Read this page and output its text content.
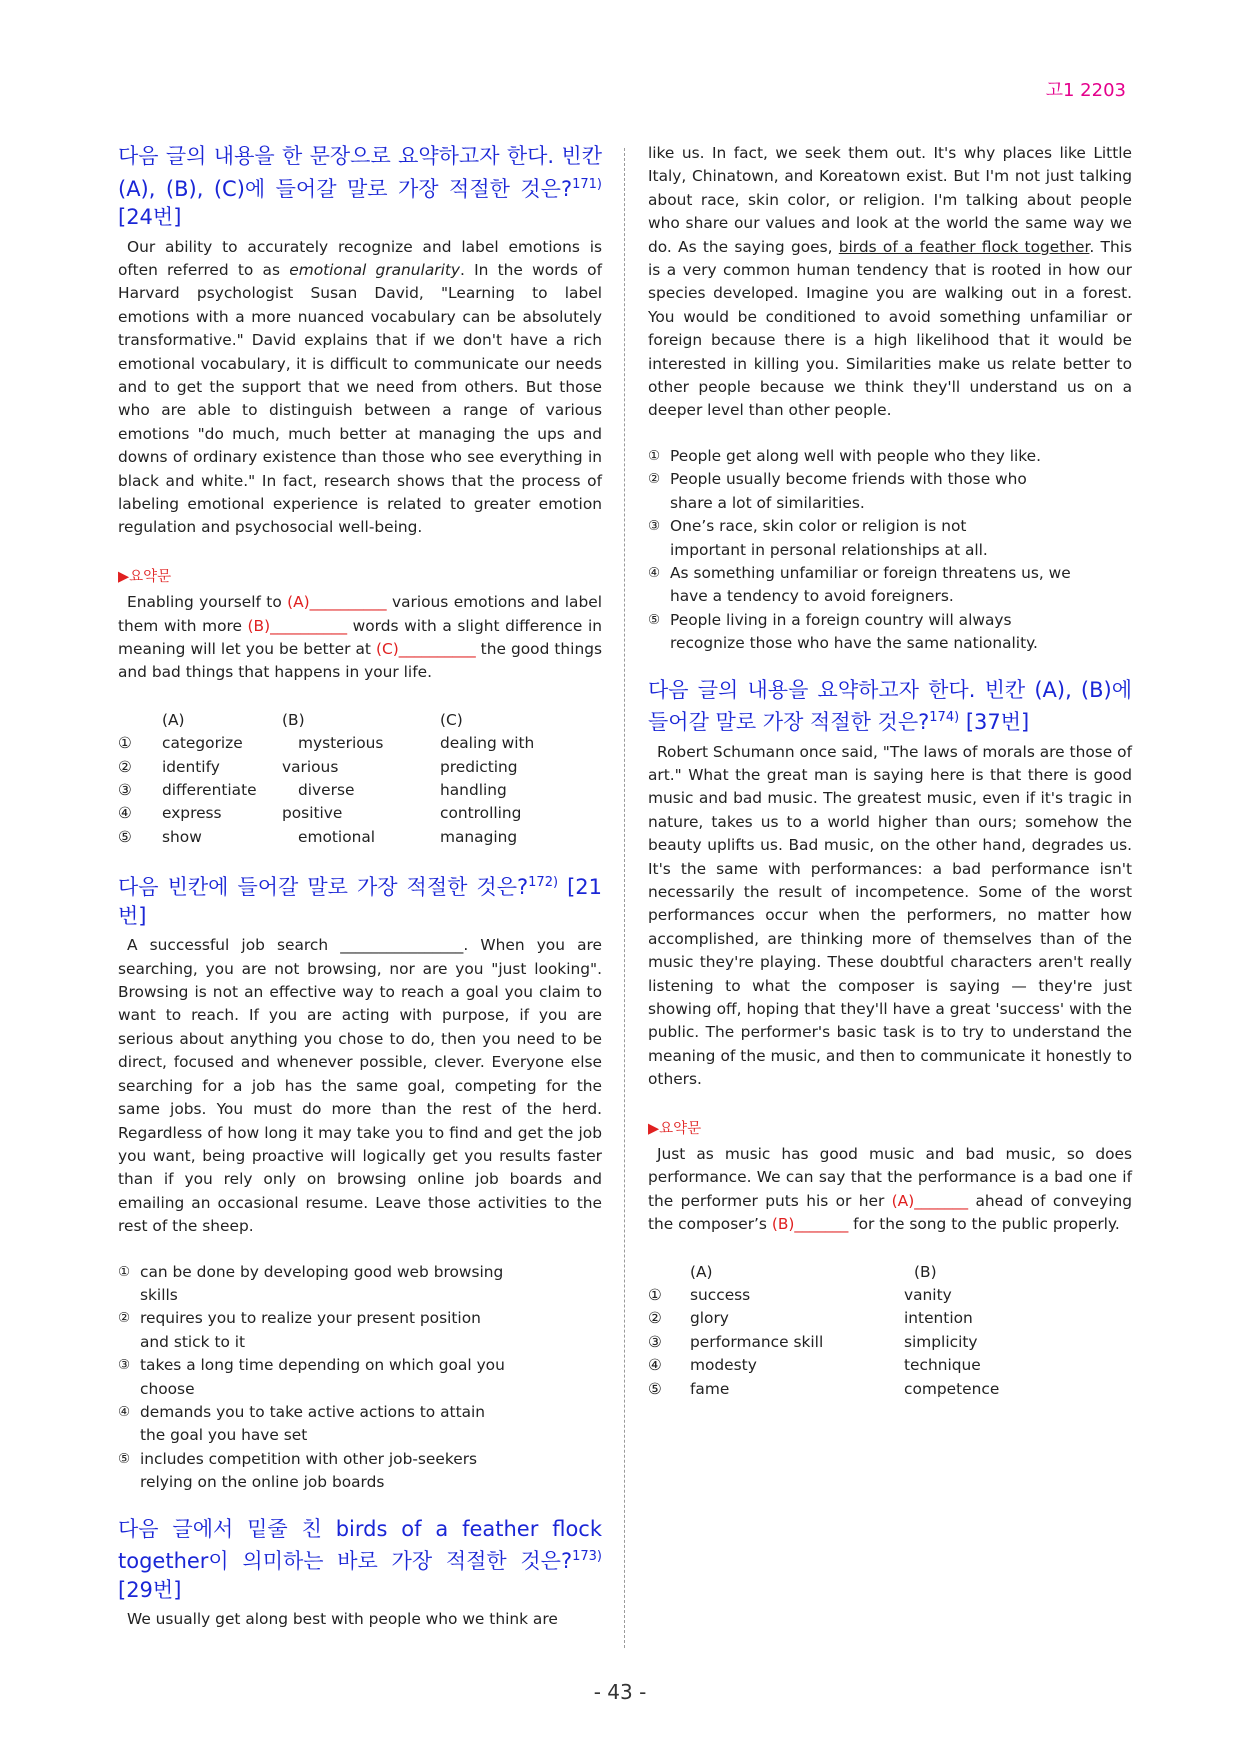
고1 2203
다음 글의 내용을 한 문장으로 요약하고자 한다. 빈칸 (A), (B), (C)에 들어갈 말로 가장 적절한 것은?$^{171)}$ [24번]

Our ability to accurately recognize and label emotions is often referred to as emotional granularity. In the words of Harvard psychologist Susan David, "Learning to label emotions with a more nuanced vocabulary can be absolutely transformative." David explains that if we don't have a rich emotional vocabulary, it is difficult to communicate our needs and to get the support that we need from others. But those who are able to distinguish between a range of various emotions "do much, much better at managing the ups and downs of ordinary existence than those who see everything in black and white." In fact, research shows that the process of labeling emotional experience is related to greater emotion regulation and psychosocial well-being.

▶요약문

Enabling yourself to (A)__________ various emotions and label them with more (B)__________ words with a slight difference in meaning will let you be better at (C)__________ the good things and bad things that happens in your life.

	(A)	(B)	(C)
①	categorize	mysterious	dealing with
②	identify	various	predicting
③	differentiate	diverse	handling
④	express	positive	controlling
⑤	show	emotional	managing
다음 빈칸에 들어갈 말로 가장 적절한 것은?$^{172)}$ [21번]

A successful job search ________________. When you are searching, you are not browsing, nor are you "just looking". Browsing is not an effective way to reach a goal you claim to want to reach. If you are acting with purpose, if you are serious about anything you chose to do, then you need to be direct, focused and whenever possible, clever. Everyone else searching for a job has the same goal, competing for the same jobs. You must do more than the rest of the herd. Regardless of how long it may take you to find and get the job you want, being proactive will logically get you results faster than if you rely only on browsing online job boards and emailing an occasional resume. Leave those activities to the rest of the sheep.

① can be done by developing good web browsing skills
② requires you to realize your present position and stick to it
③ takes a long time depending on which goal you choose
④ demands you to take active actions to attain the goal you have set
⑤ includes competition with other job-seekers relying on the online job boards
다음 글에서 밑줄 친 birds of a feather flock together이 의미하는 바로 가장 적절한 것은?$^{173)}$ [29번]

We usually get along best with people who we think are

like us. In fact, we seek them out. It's why places like Little Italy, Chinatown, and Koreatown exist. But I'm not just talking about race, skin color, or religion. I'm talking about people who share our values and look at the world the same way we do. As the saying goes, birds of a feather flock together. This is a very common human tendency that is rooted in how our species developed. Imagine you are walking out in a forest. You would be conditioned to avoid something unfamiliar or foreign because there is a high likelihood that it would be interested in killing you. Similarities make us relate better to other people because we think they'll understand us on a deeper level than other people.

① People get along well with people who they like.
② People usually become friends with those who share a lot of similarities.
③ One’s race, skin color or religion is not important in personal relationships at all.
④ As something unfamiliar or foreign threatens us, we have a tendency to avoid foreigners.
⑤ People living in a foreign country will always recognize those who have the same nationality.
다음 글의 내용을 요약하고자 한다. 빈칸 (A), (B)에 들어갈 말로 가장 적절한 것은?$^{174)}$ [37번]

Robert Schumann once said, "The laws of morals are those of art." What the great man is saying here is that there is good music and bad music. The greatest music, even if it's tragic in nature, takes us to a world higher than ours; somehow the beauty uplifts us. Bad music, on the other hand, degrades us. It's the same with performances: a bad performance isn't necessarily the result of incompetence. Some of the worst performances occur when the performers, no matter how accomplished, are thinking more of themselves than of the music they're playing. These doubtful characters aren't really listening to what the composer is saying — they're just showing off, hoping that they'll have a great 'success' with the public. The performer's basic task is to try to understand the meaning of the music, and then to communicate it honestly to others.

▶요약문

Just as music has good music and bad music, so does performance. We can say that the performance is a bad one if the performer puts his or her (A)_______ ahead of conveying the composer’s (B)_______ for the song to the public properly.

	(A)	(B)
①	success	vanity
②	glory	intention
③	performance skill	simplicity
④	modesty	technique
⑤	fame	competence
- 43 -
